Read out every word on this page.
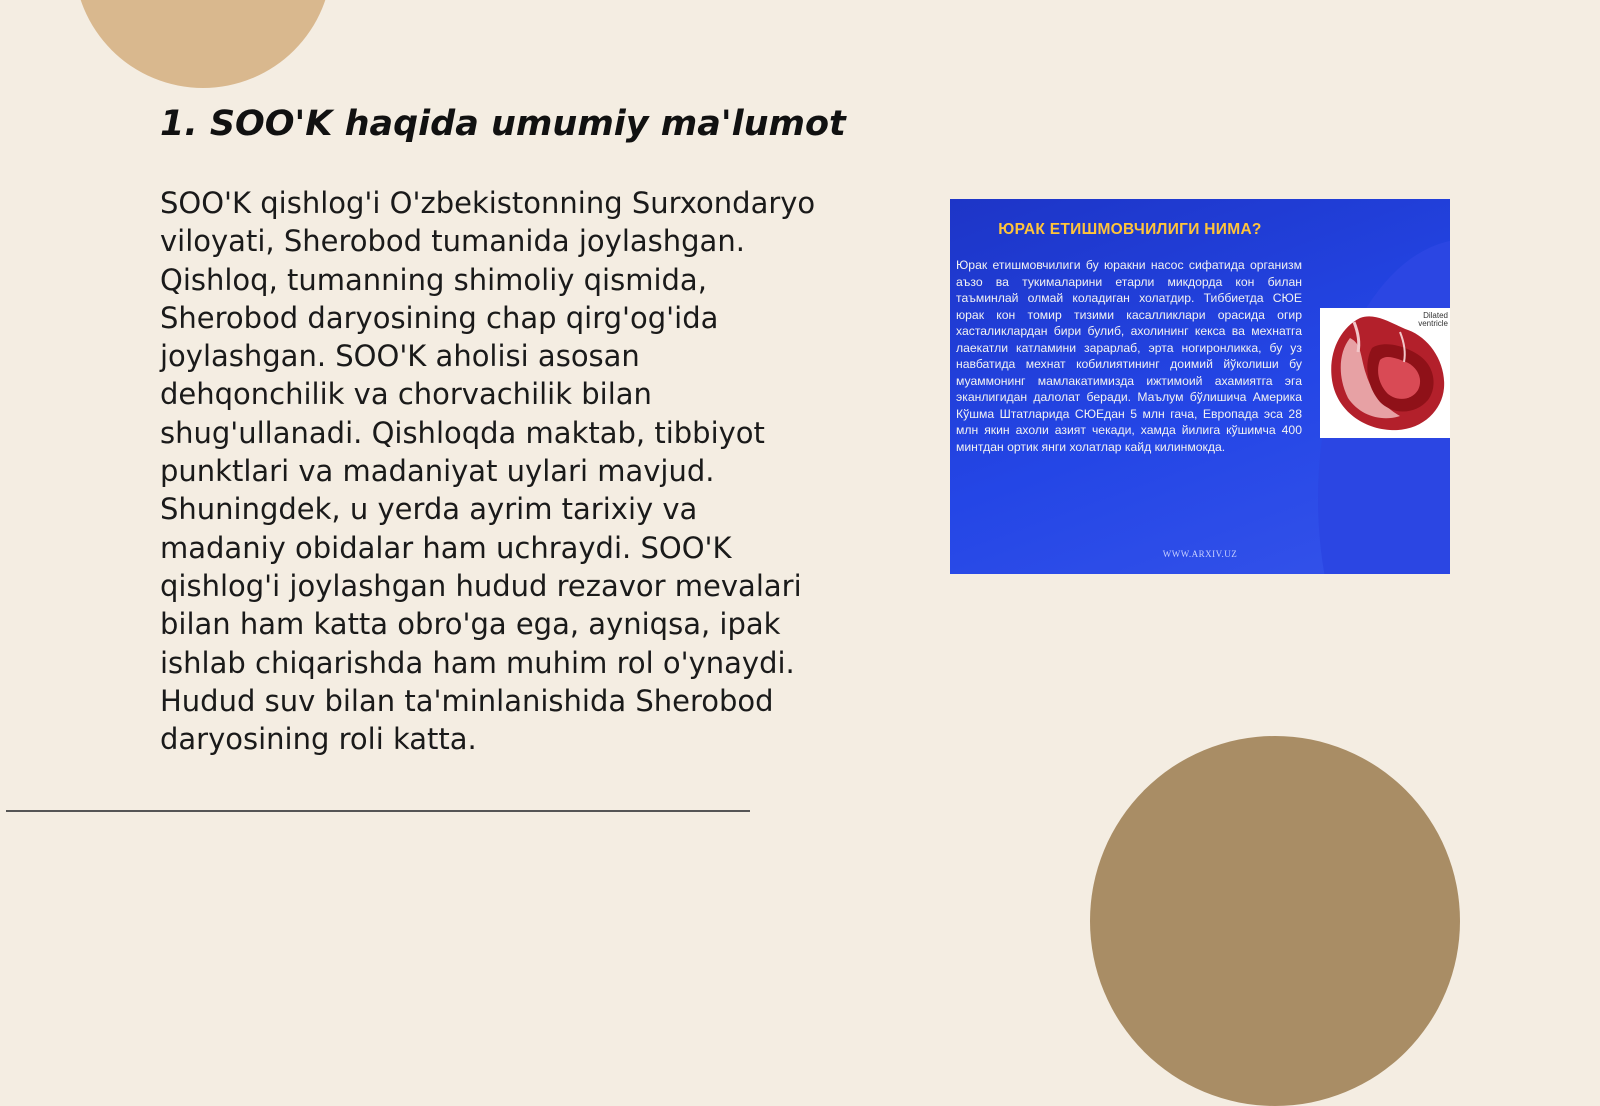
1. SOO'K haqida umumiy ma'lumot

SOO'K qishlog'i O'zbekistonning Surxondaryo viloyati, Sherobod tumanida joylashgan. Qishloq, tumanning shimoliy qismida, Sherobod daryosining chap qirg'og'ida joylashgan. SOO'K aholisi asosan dehqonchilik va chorvachilik bilan shug'ullanadi. Qishloqda maktab, tibbiyot punktlari va madaniyat uylari mavjud. Shuningdek, u yerda ayrim tarixiy va madaniy obidalar ham uchraydi. SOO'K qishlog'i joylashgan hudud rezavor mevalari bilan ham katta obro'ga ega, ayniqsa, ipak ishlab chiqarishda ham muhim rol o'ynaydi. Hudud suv bilan ta'minlanishida Sherobod daryosining roli katta.

ЮРАК ЕТИШМОВЧИЛИГИ НИМА?

Юрак етишмовчилиги бу юракни насос сифатида организм аъзо ва тукималарини етарли микдорда кон билан таъминлай олмай коладиган холатдир. Тиббиетда СЮЕ юрак кон томир тизими касалликлари орасида огир хасталиклардан бири булиб, ахолининг кекса ва мехнатга лаекатли катламини зарарлаб, эрта ногиронликка, бу уз навбатида мехнат кобилиятининг доимий йўколиши бу муаммонинг мамлакатимизда ижтимоий ахамиятга эга эканлигидан далолат беради. Маълум бўлишича Америка Кўшма Штатларида СЮЕдан 5 млн гача, Европада эса 28 млн якин ахоли азият чекади, хамда йилига кўшимча 400 минтдан ортик янги холатлар кайд килинмокда.

Dilated ventricle
WWW.ARXIV.UZ
